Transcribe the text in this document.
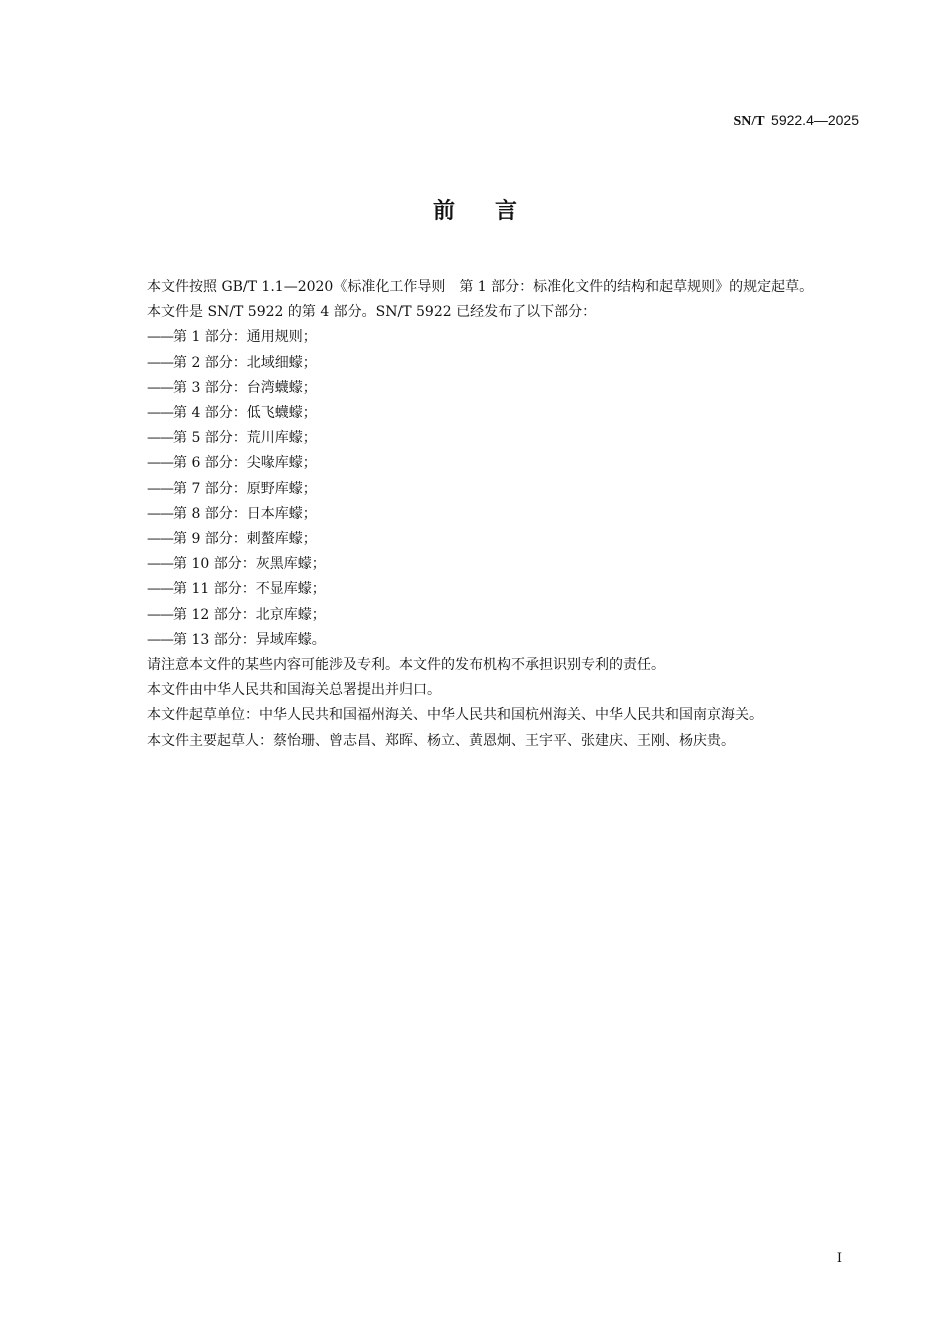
SN/T 5922.4—2025
前言

本文件按照 GB/T 1.1—2020《标准化工作导则　第 1 部分：标准化文件的结构和起草规则》的规定起草。

本文件是 SN/T 5922 的第 4 部分。SN/T 5922 已经发布了以下部分：

——第 1 部分：通用规则；

——第 2 部分：北域细蠓；

——第 3 部分：台湾蠛蠓；

——第 4 部分：低飞蠛蠓；

——第 5 部分：荒川库蠓；

——第 6 部分：尖喙库蠓；

——第 7 部分：原野库蠓；

——第 8 部分：日本库蠓；

——第 9 部分：刺螯库蠓；

——第 10 部分：灰黑库蠓；

——第 11 部分：不显库蠓；

——第 12 部分：北京库蠓；

——第 13 部分：异域库蠓。

请注意本文件的某些内容可能涉及专利。本文件的发布机构不承担识别专利的责任。

本文件由中华人民共和国海关总署提出并归口。

本文件起草单位：中华人民共和国福州海关、中华人民共和国杭州海关、中华人民共和国南京海关。

本文件主要起草人：蔡怡珊、曾志昌、郑晖、杨立、黄恩炯、王宇平、张建庆、王刚、杨庆贵。

I
